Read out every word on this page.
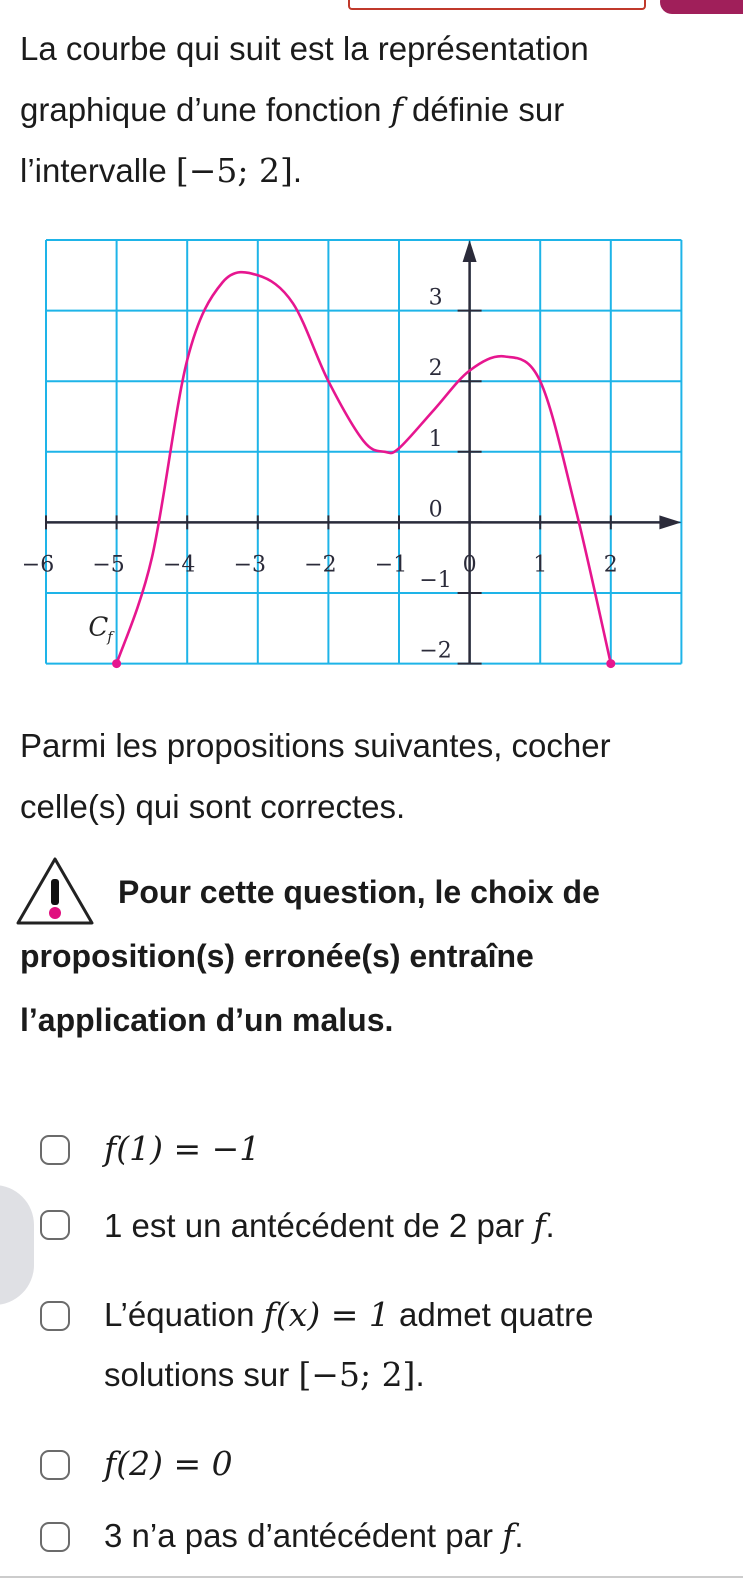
La courbe qui suit est la représentation
graphique d’une fonction f définie sur
l’intervalle [−5; 2].
−6 −5 −4 −3 −2 −1	0	1	2
3
2
1
0
−1
−2
C f
Parmi les propositions suivantes, cocher
celle(s) qui sont correctes.
Pour cette question, le choix de proposition(s) erronée(s) entraîne l’application d’un malus.
f(1) = −1
1 est un antécédent de 2 par f.
L’équation f(x) = 1 admet quatre
solutions sur [−5; 2].
f(2) = 0
3 n’a pas d’antécédent par f.
